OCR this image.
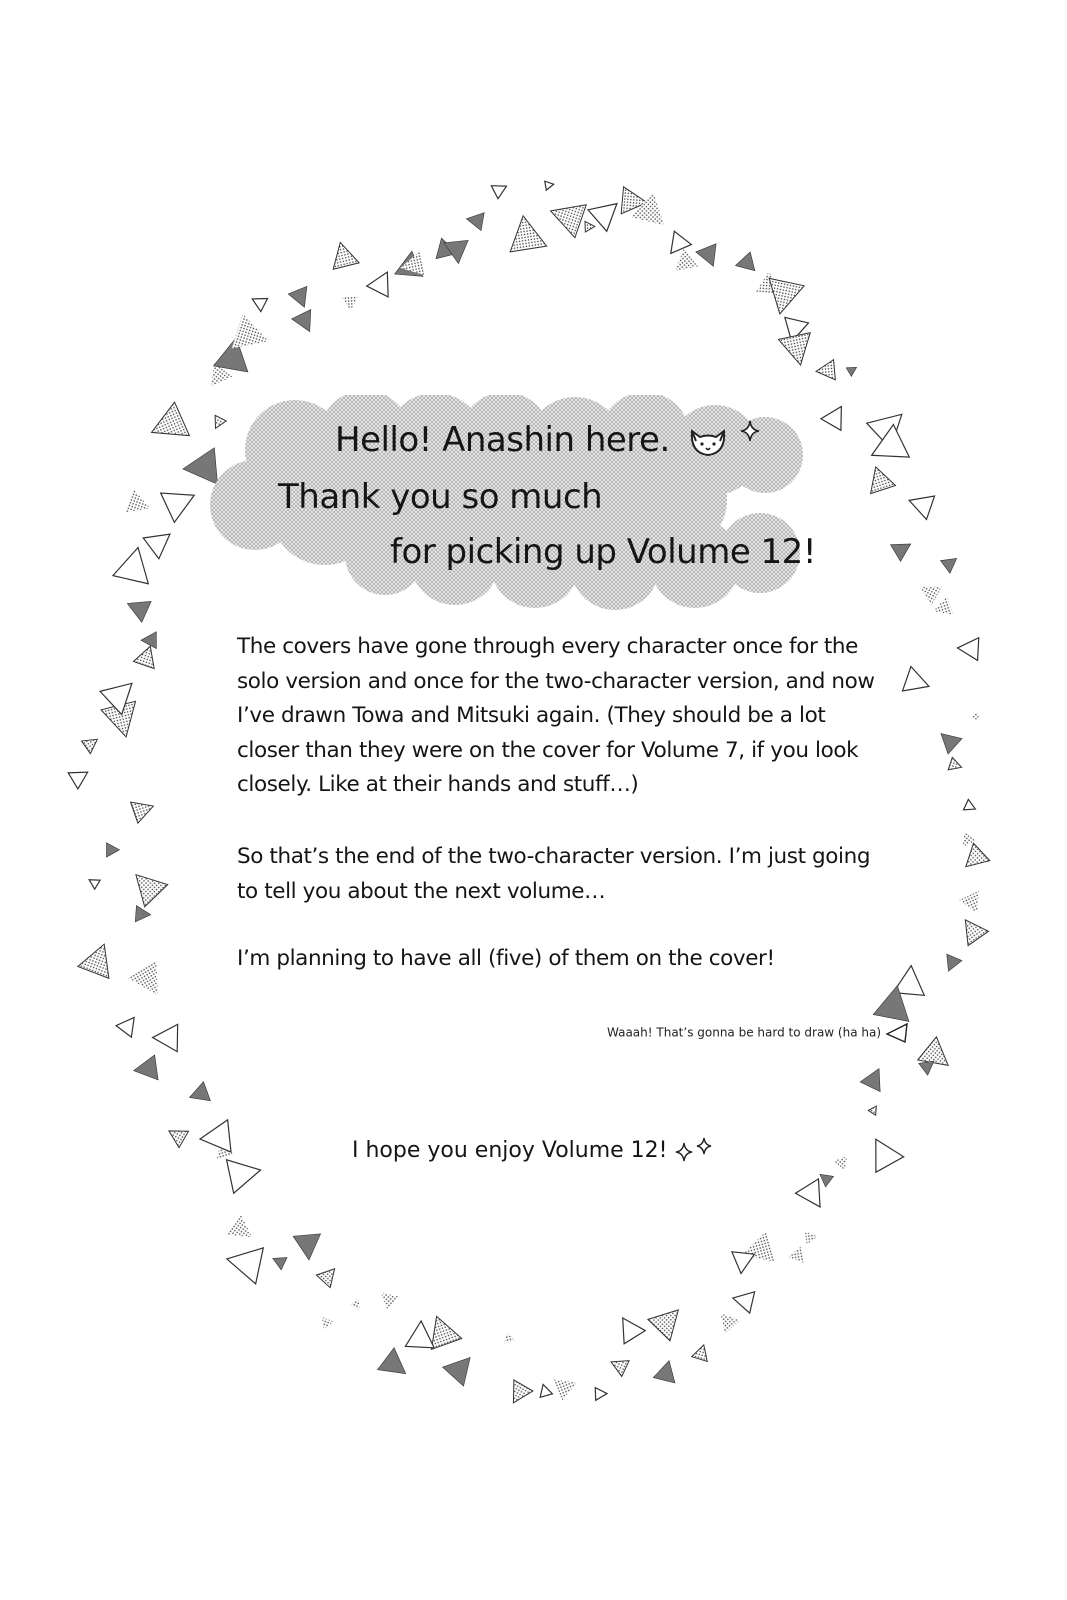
Hello! Anashin here.
Thank you so much
for picking up Volume 12!

The covers have gone through every character once for the solo version and once for the two-character version, and now I’ve drawn Towa and Mitsuki again. (They should be a lot closer than they were on the cover for Volume 7, if you look closely. Like at their hands and stuff…)

So that’s the end of the two-character version. I’m just going to tell you about the next volume…

I’m planning to have all (five) of them on the cover!

Waaah! That’s gonna be hard to draw (ha ha)
I hope you enjoy Volume 12!
